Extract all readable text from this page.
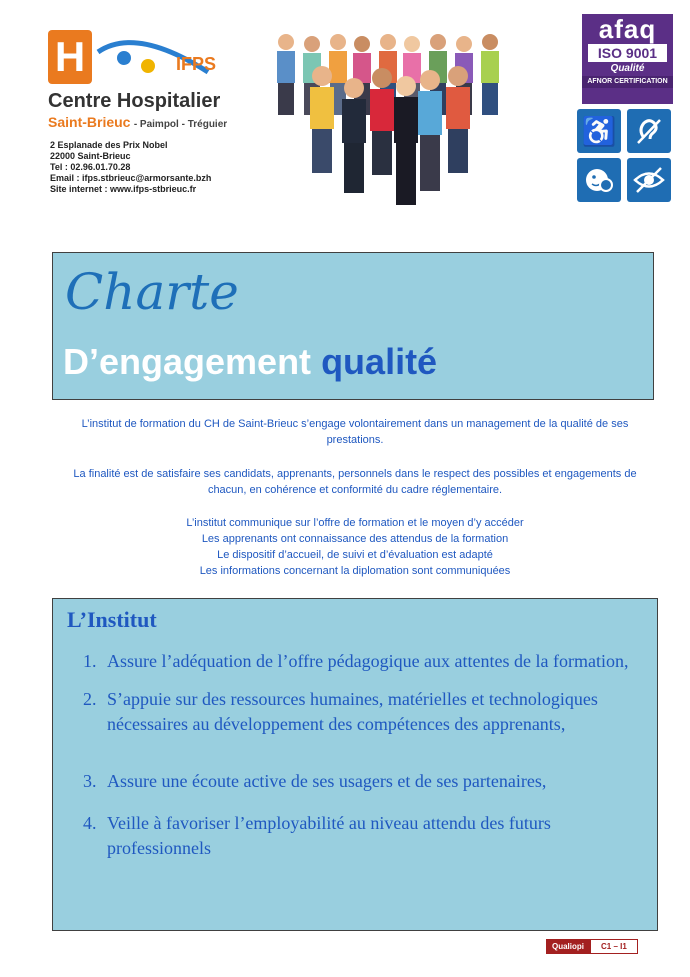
H	IFPS
Centre Hospitalier
Saint-Brieuc - Paimpol - Tréguier
2 Esplanade des Prix Nobel
22000 Saint-Brieuc
Tel : 02.96.01.70.28
Email : ifps.stbrieuc@armorsante.bzh
Site internet : www.ifps-stbrieuc.fr
afaq
ISO 9001
Qualité
AFNOR CERTIFICATION
♿
Charte
D’engagement qualité
L’institut de formation du CH de Saint-Brieuc s’engage volontairement dans un management de la qualité de ses prestations.
La finalité est de satisfaire ses candidats, apprenants, personnels dans le respect des possibles et engagements de chacun, en cohérence et conformité du cadre réglementaire.
L’institut communique sur l’offre de formation et le moyen d’y accéder
Les apprenants ont connaissance des attendus de la formation
Le dispositif d’accueil, de suivi et d’évaluation est adapté
Les informations concernant la diplomation sont communiquées
L’Institut
1. Assure l’adéquation de l’offre pédagogique aux attentes de la formation,
2. S’appuie sur des ressources humaines, matérielles et technologiques nécessaires au développement des compétences des apprenants,
3. Assure une écoute active de ses usagers et de ses partenaires,
4. Veille à favoriser l’employabilité au niveau attendu des futurs professionnels
Qualiopi	C1 – I1
